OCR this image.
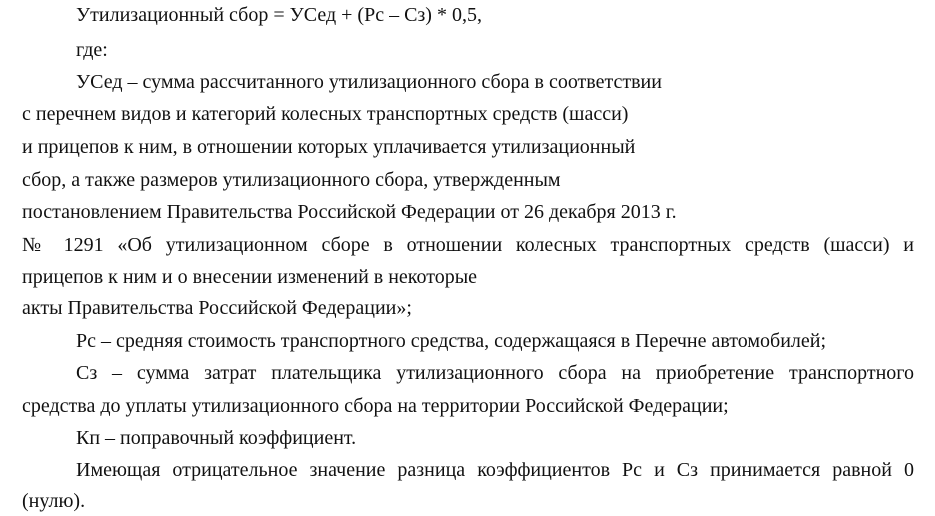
Утилизационный сбор = УСед + (Рс – Сз) * 0,5,
где:
УСед – сумма рассчитанного утилизационного сбора в соответствии
с перечнем видов и категорий колесных транспортных средств (шасси)
и прицепов к ним, в отношении которых уплачивается утилизационный
сбор, а также размеров утилизационного сбора, утвержденным
постановлением Правительства Российской Федерации от 26 декабря 2013 г.
№ 1291 «Об утилизационном сборе в отношении колесных транспортных средств (шасси) и
прицепов к ним и о внесении изменений в некоторые
акты Правительства Российской Федерации»;
Рс – средняя стоимость транспортного средства, содержащаяся в Перечне автомобилей;
Сз – сумма затрат плательщика утилизационного сбора на приобретение транспортного
средства до уплаты утилизационного сбора на территории Российской Федерации;
Кп – поправочный коэффициент.
Имеющая отрицательное значение разница коэффициентов Рс и Сз принимается равной 0
(нулю).
